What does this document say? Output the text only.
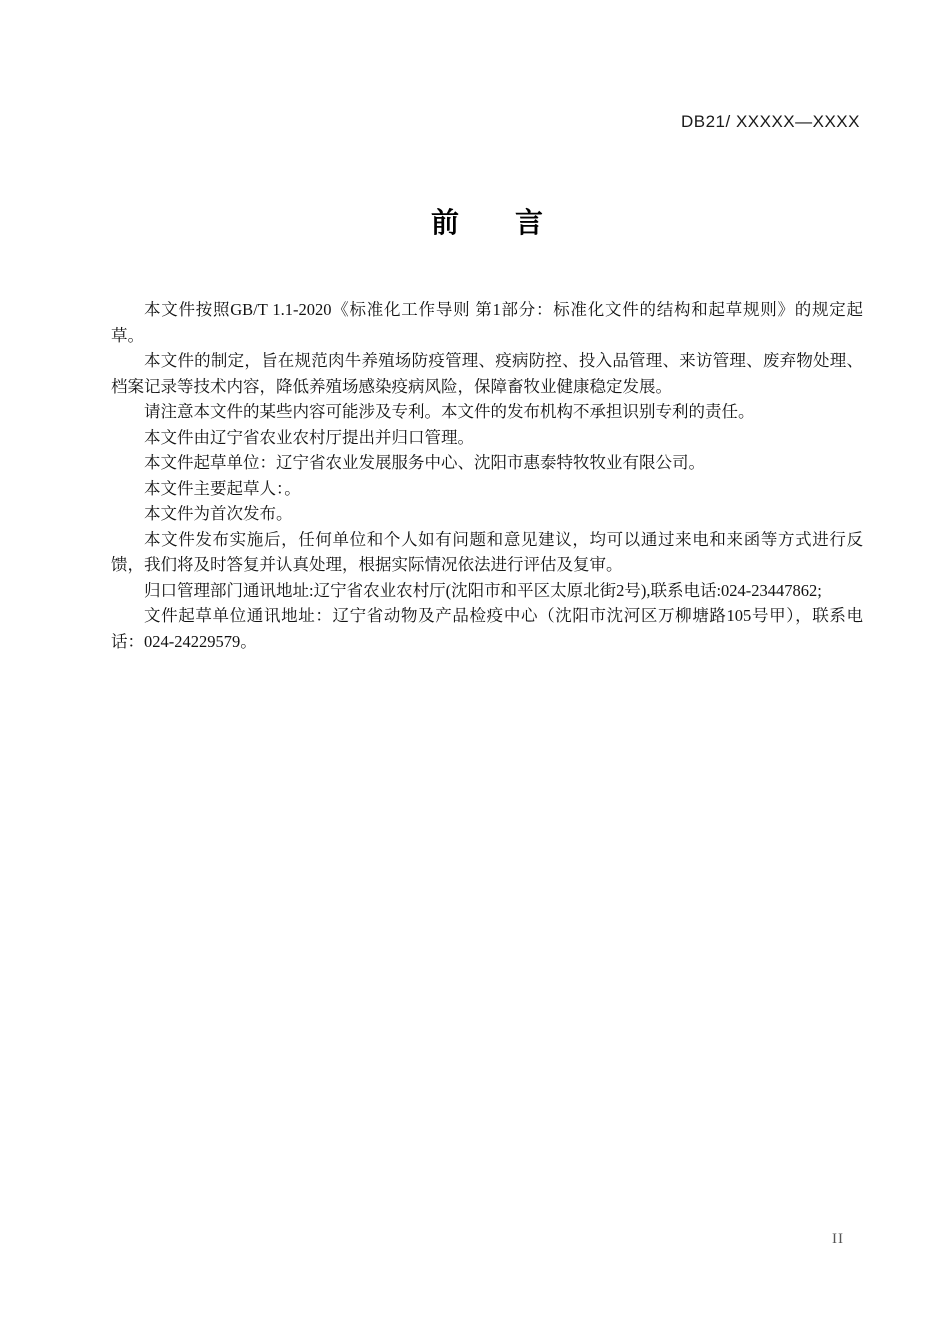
DB21/ XXXXX—XXXX
前　　言

本文件按照GB/T 1.1-2020《标准化工作导则 第1部分：标准化文件的结构和起草规则》的规定起草。

本文件的制定，旨在规范肉牛养殖场防疫管理、疫病防控、投入品管理、来访管理、废弃物处理、档案记录等技术内容，降低养殖场感染疫病风险，保障畜牧业健康稳定发展。

请注意本文件的某些内容可能涉及专利。本文件的发布机构不承担识别专利的责任。

本文件由辽宁省农业农村厅提出并归口管理。

本文件起草单位：辽宁省农业发展服务中心、沈阳市惠泰特牧牧业有限公司。

本文件主要起草人：。

本文件为首次发布。

本文件发布实施后，任何单位和个人如有问题和意见建议，均可以通过来电和来函等方式进行反馈，我们将及时答复并认真处理，根据实际情况依法进行评估及复审。

归口管理部门通讯地址:辽宁省农业农村厅(沈阳市和平区太原北街2号),联系电话:024-23447862;

文件起草单位通讯地址：辽宁省动物及产品检疫中心（沈阳市沈河区万柳塘路105号甲），联系电话：024-24229579。

II
